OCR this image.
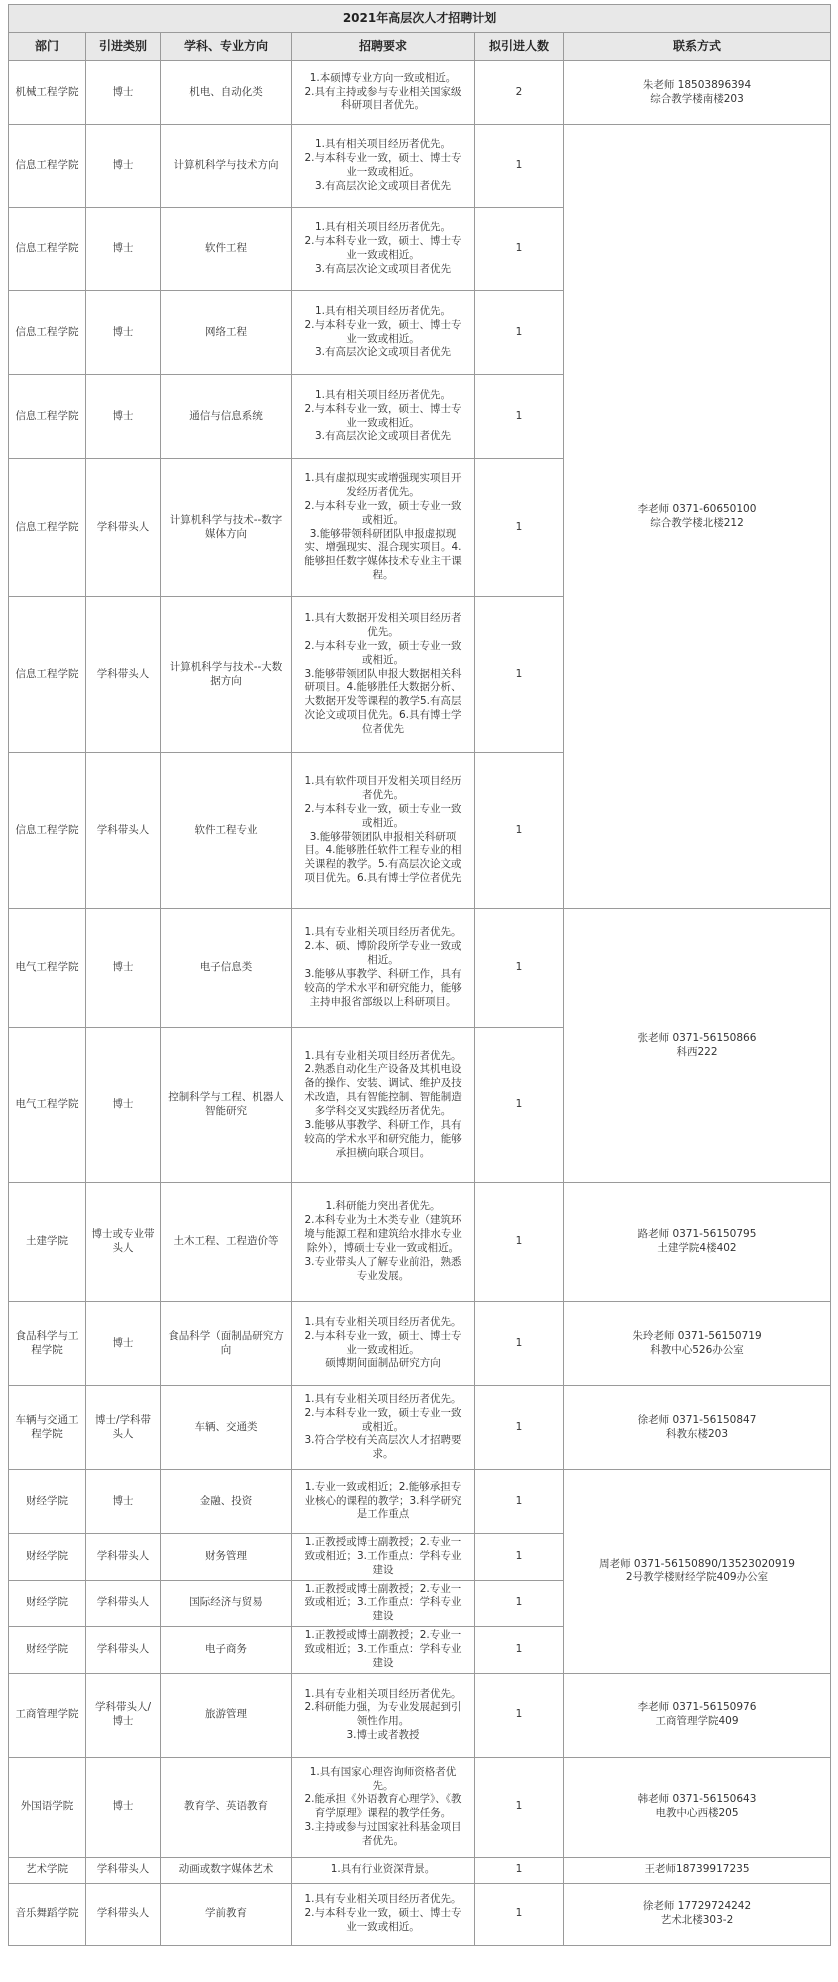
2021年高层次人才招聘计划					
部门	引进类别	学科、专业方向	招聘要求	拟引进人数	联系方式
机械工程学院	博士	机电、自动化类	1.本硕博专业方向一致或相近。
2.具有主持或参与专业相关国家级科研项目者优先。	2	朱老师 18503896394
综合教学楼南楼203
信息工程学院	博士	计算机科学与技术方向	1.具有相关项目经历者优先。
2.与本科专业一致，硕士、博士专业一致或相近。
3.有高层次论文或项目者优先	1	李老师 0371-60650100
综合教学楼北楼212
信息工程学院	博士	软件工程	1.具有相关项目经历者优先。
2.与本科专业一致，硕士、博士专业一致或相近。
3.有高层次论文或项目者优先	1	
信息工程学院	博士	网络工程	1.具有相关项目经历者优先。
2.与本科专业一致，硕士、博士专业一致或相近。
3.有高层次论文或项目者优先	1	
信息工程学院	博士	通信与信息系统	1.具有相关项目经历者优先。
2.与本科专业一致，硕士、博士专业一致或相近。
3.有高层次论文或项目者优先	1	
信息工程学院	学科带头人	计算机科学与技术--数字媒体方向	1.具有虚拟现实或增强现实项目开发经历者优先。
2.与本科专业一致，硕士专业一致或相近。
3.能够带领科研团队申报虚拟现实、增强现实、混合现实项目。4.能够担任数字媒体技术专业主干课程。	1	
信息工程学院	学科带头人	计算机科学与技术--大数据方向	1.具有大数据开发相关项目经历者优先。
2.与本科专业一致，硕士专业一致或相近。
3.能够带领团队申报大数据相关科研项目。4.能够胜任大数据分析、大数据开发等课程的教学5.有高层次论文或项目优先。6.具有博士学位者优先	1	
信息工程学院	学科带头人	软件工程专业	1.具有软件项目开发相关项目经历者优先。
2.与本科专业一致，硕士专业一致或相近。
3.能够带领团队申报相关科研项目。4.能够胜任软件工程专业的相关课程的教学。5.有高层次论文或项目优先。6.具有博士学位者优先	1	
电气工程学院	博士	电子信息类	1.具有专业相关项目经历者优先。
2.本、硕、博阶段所学专业一致或相近。
3.能够从事教学、科研工作，具有较高的学术水平和研究能力，能够主持申报省部级以上科研项目。	1	张老师 0371-56150866
科西222
电气工程学院	博士	控制科学与工程、机器人智能研究	1.具有专业相关项目经历者优先。
2.熟悉自动化生产设备及其机电设备的操作、安装、调试、维护及技术改造，具有智能控制、智能制造多学科交叉实践经历者优先。
3.能够从事教学、科研工作，具有较高的学术水平和研究能力，能够承担横向联合项目。	1	
土建学院	博士或专业带头人	土木工程、工程造价等	1.科研能力突出者优先。
2.本科专业为土木类专业（建筑环境与能源工程和建筑给水排水专业除外），博硕士专业一致或相近。
3.专业带头人了解专业前沿，熟悉专业发展。	1	路老师 0371-56150795
土建学院4楼402
食品科学与工程学院	博士	食品科学（面制品研究方向	1.具有专业相关项目经历者优先。
2.与本科专业一致，硕士、博士专业一致或相近。
硕博期间面制品研究方向	1	朱玲老师 0371-56150719
科教中心526办公室
车辆与交通工程学院	博士/学科带头人	车辆、交通类	1.具有专业相关项目经历者优先。
2.与本科专业一致，硕士专业一致或相近。
3.符合学校有关高层次人才招聘要求。	1	徐老师 0371-56150847
科教东楼203
财经学院	博士	金融、投资	1.专业一致或相近；2.能够承担专业核心的课程的教学；3.科学研究是工作重点	1	周老师 0371-56150890/13523020919
2号教学楼财经学院409办公室
财经学院	学科带头人	财务管理	1.正教授或博士副教授；2.专业一致或相近；3.工作重点：学科专业建设	1	
财经学院	学科带头人	国际经济与贸易	1.正教授或博士副教授；2.专业一致或相近；3.工作重点：学科专业建设	1	
财经学院	学科带头人	电子商务	1.正教授或博士副教授；2.专业一致或相近；3.工作重点：学科专业建设	1	
工商管理学院	学科带头人/博士	旅游管理	1.具有专业相关项目经历者优先。
2.科研能力强，为专业发展起到引领性作用。
3.博士或者教授	1	李老师 0371-56150976
工商管理学院409
外国语学院	博士	教育学、英语教育	1.具有国家心理咨询师资格者优先。
2.能承担《外语教育心理学》、《教育学原理》课程的教学任务。
3.主持或参与过国家社科基金项目者优先。	1	韩老师 0371-56150643
电教中心西楼205
艺术学院	学科带头人	动画或数字媒体艺术	1.具有行业资深背景。	1	王老师18739917235
音乐舞蹈学院	学科带头人	学前教育	1.具有专业相关项目经历者优先。
2.与本科专业一致，硕士、博士专业一致或相近。	1	徐老师 17729724242
艺术北楼303-2
